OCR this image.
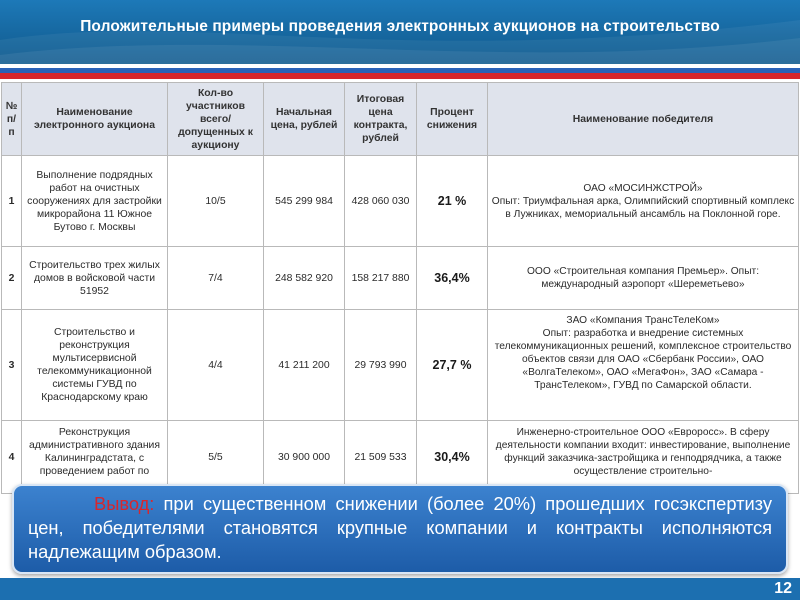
Положительные примеры проведения электронных аукционов на строительство
№ п/п	Наименование электронного аукциона	Кол-во участников всего/ допущенных к аукциону	Начальная цена, рублей	Итоговая цена контракта, рублей	Процент снижения	Наименование победителя
1	Выполнение подрядных работ на очистных сооружениях для застройки микрорайона 11 Южное Бутово г. Москвы	10/5	545 299 984	428 060 030	21 %	ОАО «МОСИНЖСТРОЙ»
Опыт: Триумфальная арка, Олимпийский спортивный комплекс в Лужниках, мемориальный ансамбль на Поклонной горе.
2	Строительство трех жилых домов в войсковой части 51952	7/4	248 582 920	158 217 880	36,4%	ООО «Строительная компания Премьер». Опыт: международный аэропорт «Шереметьево»
3	Строительство и реконструкция мультисервисной телекоммуникационной системы ГУВД по Краснодарскому краю	4/4	41 211 200	29 793 990	27,7 %	ЗАО «Компания ТрансТелеКом»
Опыт: разработка и внедрение системных телекоммуникационных решений, комплексное строительство объектов связи для ОАО «Сбербанк России», ОАО «ВолгаТелеком», ОАО «МегаФон», ЗАО «Самара - ТрансТелеком», ГУВД по Самарской области.
4	Реконструкция административного здания Калининградстата, с проведением работ по	5/5	30 900 000	21 509 533	30,4%	Инженерно-строительное ООО «Евроросс». В сферу деятельности компании входит: инвестирование, выполнение функций заказчика-застройщика и генподрядчика, а также осуществление строительно-
Вывод: при существенном снижении (более 20%) прошедших госэкспертизу цен, победителями становятся крупные компании и контракты исполняются надлежащим образом.
12
